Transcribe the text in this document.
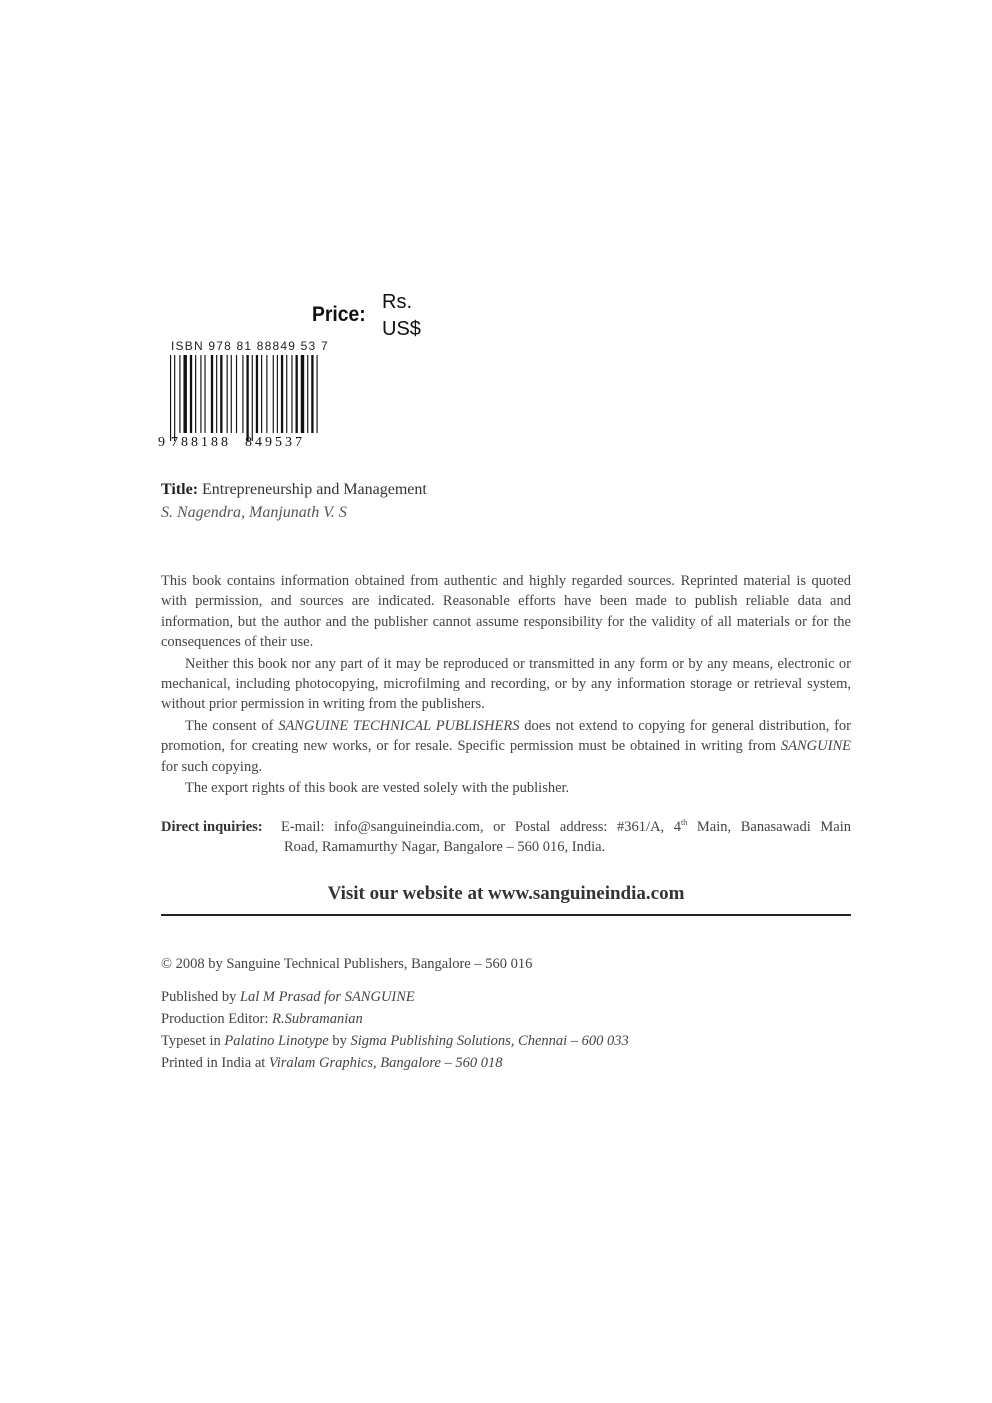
Price:
Rs.
US$
ISBN 978 81 88849 53 7
9 7 8 8 1 8 8 8 4 9 5 3 7
Title: Entrepreneurship and Management
S. Nagendra, Manjunath V. S

This book contains information obtained from authentic and highly regarded sources. Reprinted material is quoted with permission, and sources are indicated. Reasonable efforts have been made to publish reliable data and information, but the author and the publisher cannot assume responsibility for the validity of all materials or for the consequences of their use.

Neither this book nor any part of it may be reproduced or transmitted in any form or by any means, electronic or mechanical, including photocopying, microfilming and recording, or by any information storage or retrieval system, without prior permission in writing from the publishers.

The consent of SANGUINE TECHNICAL PUBLISHERS does not extend to copying for general distribution, for promotion, for creating new works, or for resale. Specific permission must be obtained in writing from SANGUINE for such copying.

The export rights of this book are vested solely with the publisher.

Direct inquiries: E-mail: info@sanguineindia.com, or Postal address: #361/A, 4th Main, Banasawadi Main
Road, Ramamurthy Nagar, Bangalore – 560 016, India.
Visit our website at www.sanguineindia.com
© 2008 by Sanguine Technical Publishers, Bangalore – 560 016
Published by Lal M Prasad for SANGUINE
Production Editor: R.Subramanian
Typeset in Palatino Linotype by Sigma Publishing Solutions, Chennai – 600 033
Printed in India at Viralam Graphics, Bangalore – 560 018
